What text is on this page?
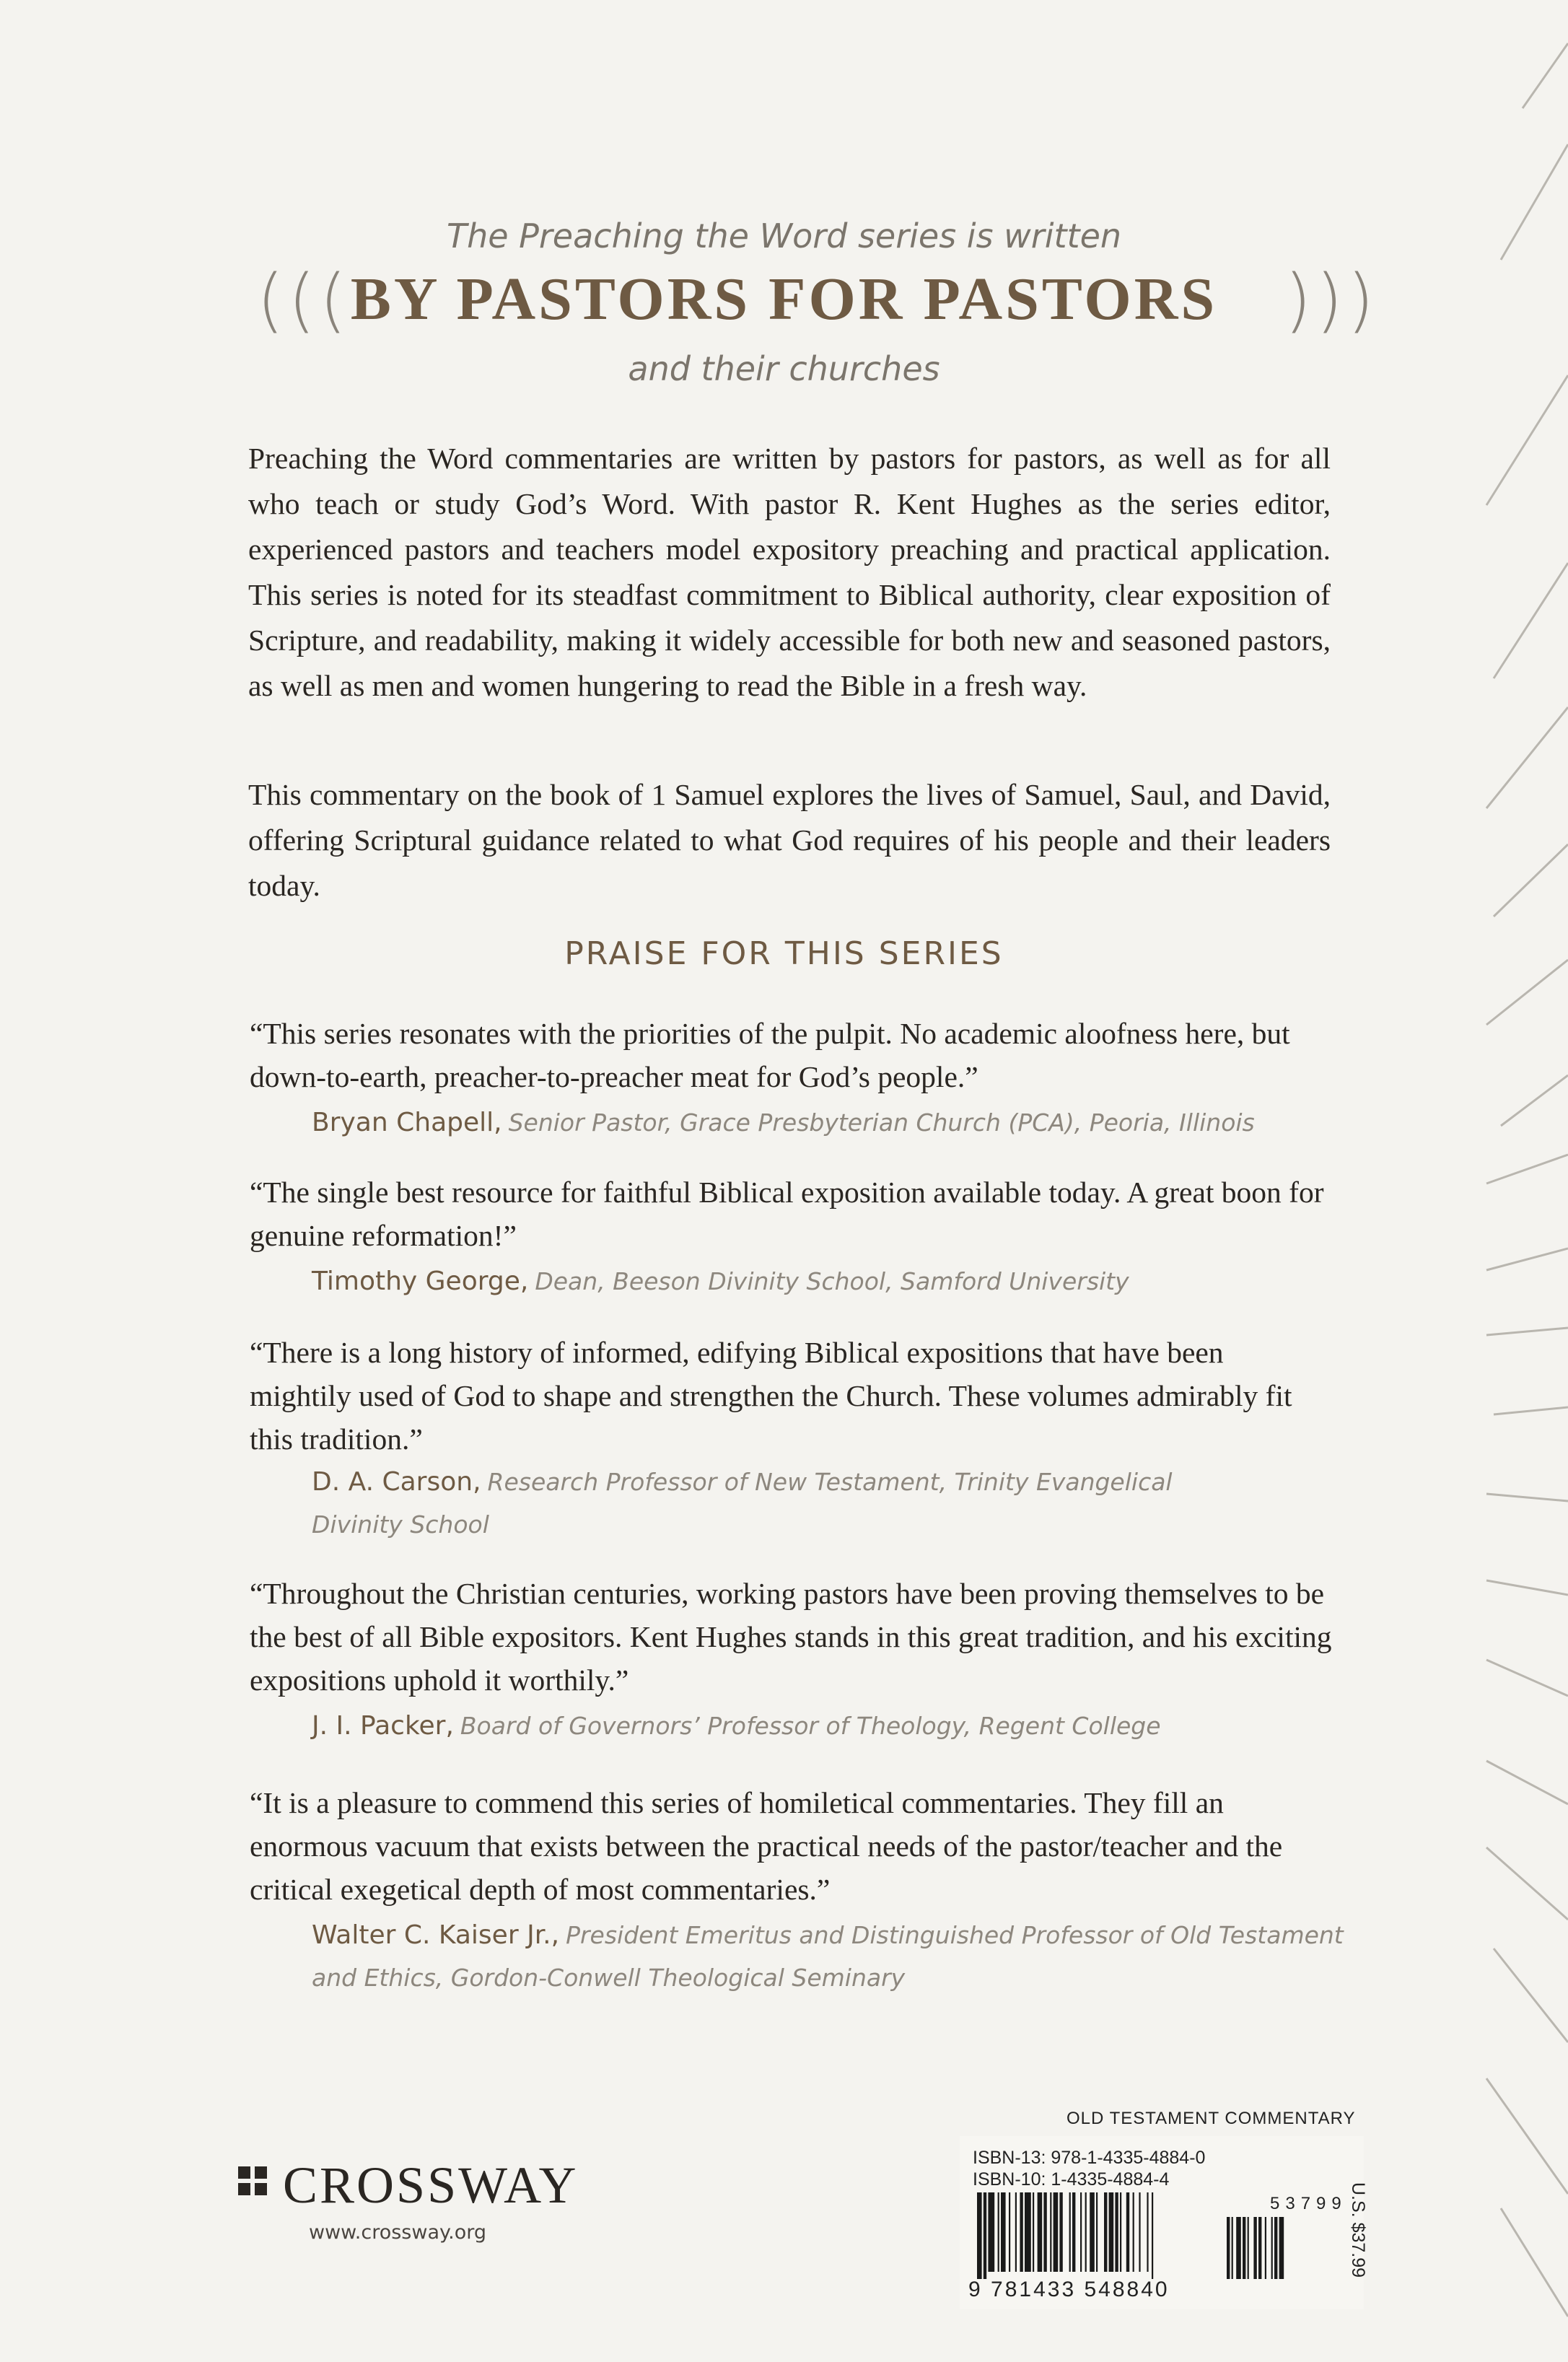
The Preaching the Word series is written
((( BY PASTORS FOR PASTORS )))
and their churches

Preaching the Word commentaries are written by pastors for pastors, as well as for all who teach or study God’s Word. With pastor R. Kent Hughes as the series editor, experienced pastors and teachers model expository preaching and practical application. This series is noted for its steadfast commitment to Biblical authority, clear exposition of Scripture, and readability, making it widely accessible for both new and seasoned pastors, as well as men and women hungering to read the Bible in a fresh way.

This commentary on the book of 1 Samuel explores the lives of Samuel, Saul, and David, offering Scriptural guidance related to what God requires of his people and their leaders today.

PRAISE FOR THIS SERIES

“This series resonates with the priorities of the pulpit. No academic aloofness here, but down-to-earth, preacher-to-preacher meat for God’s people.”

Bryan Chapell, Senior Pastor, Grace Presbyterian Church (PCA), Peoria, Illinois

“The single best resource for faithful Biblical exposition available today. A great boon for genuine reformation!”

Timothy George, Dean, Beeson Divinity School, Samford University

“There is a long history of informed, edifying Biblical expositions that have been mightily used of God to shape and strengthen the Church. These volumes admirably fit this tradition.”

D. A. Carson, Research Professor of New Testament, Trinity Evangelical Divinity School

“Throughout the Christian centuries, working pastors have been proving themselves to be the best of all Bible expositors. Kent Hughes stands in this great tradition, and his exciting expositions uphold it worthily.”

J. I. Packer, Board of Governors’ Professor of Theology, Regent College

“It is a pleasure to commend this series of homiletical commentaries. They fill an enormous vacuum that exists between the practical needs of the pastor/teacher and the critical exegetical depth of most commentaries.”

Walter C. Kaiser Jr., President Emeritus and Distinguished Professor of Old Testament and Ethics, Gordon-Conwell Theological Seminary

CROSSWAY
www.crossway.org
OLD TESTAMENT COMMENTARY
ISBN-13: 978-1-4335-4884-0
ISBN-10: 1-4335-4884-4
53799
9 781433 548840
U.S. $37.99
